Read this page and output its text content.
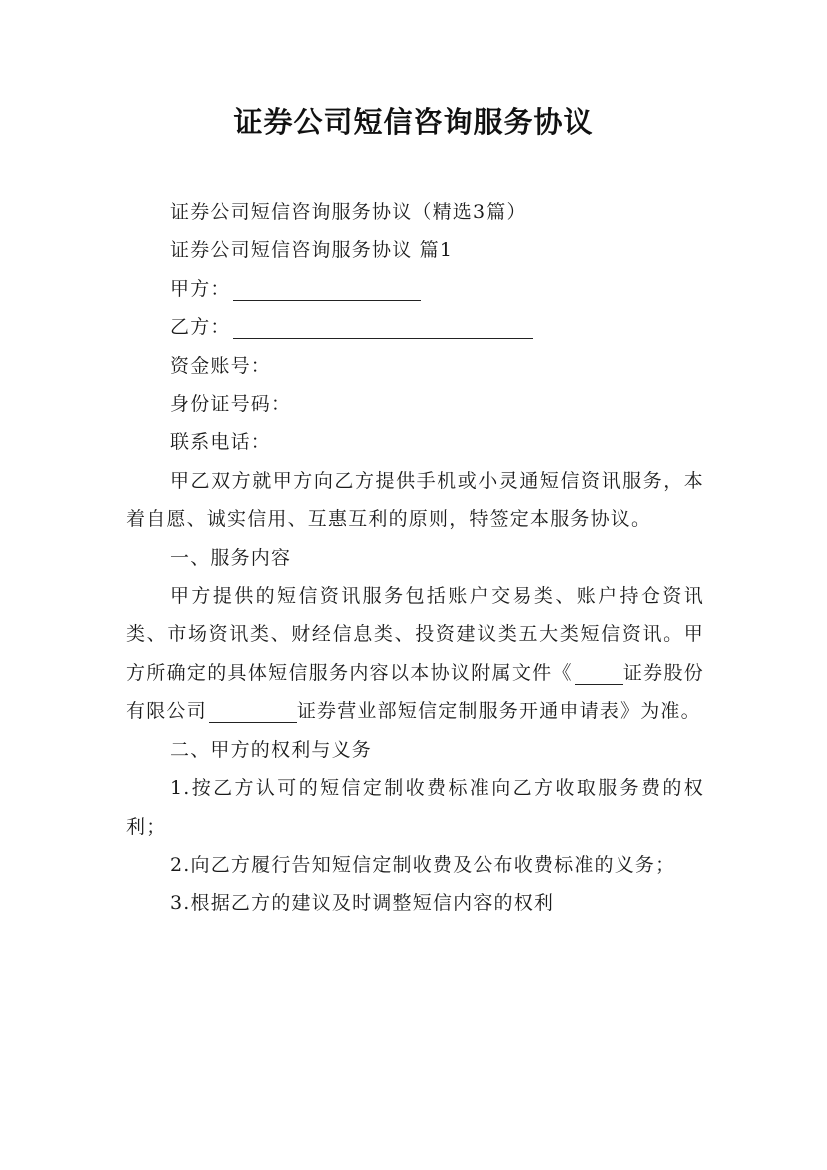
证券公司短信咨询服务协议

证券公司短信咨询服务协议（精选3篇）

证券公司短信咨询服务协议 篇1

甲方：

乙方：

资金账号：

身份证号码：

联系电话：

甲乙双方就甲方向乙方提供手机或小灵通短信资讯服务，本着自愿、诚实信用、互惠互利的原则，特签定本服务协议。

一、服务内容

甲方提供的短信资讯服务包括账户交易类、账户持仓资讯类、市场资讯类、财经信息类、投资建议类五大类短信资讯。甲方所确定的具体短信服务内容以本协议附属文件《	证券股份有限公司	证券营业部短信定制服务开通申请表》为准。

二、甲方的权利与义务

1.按乙方认可的短信定制收费标准向乙方收取服务费的权利；

2.向乙方履行告知短信定制收费及公布收费标准的义务；

3.根据乙方的建议及时调整短信内容的权利
